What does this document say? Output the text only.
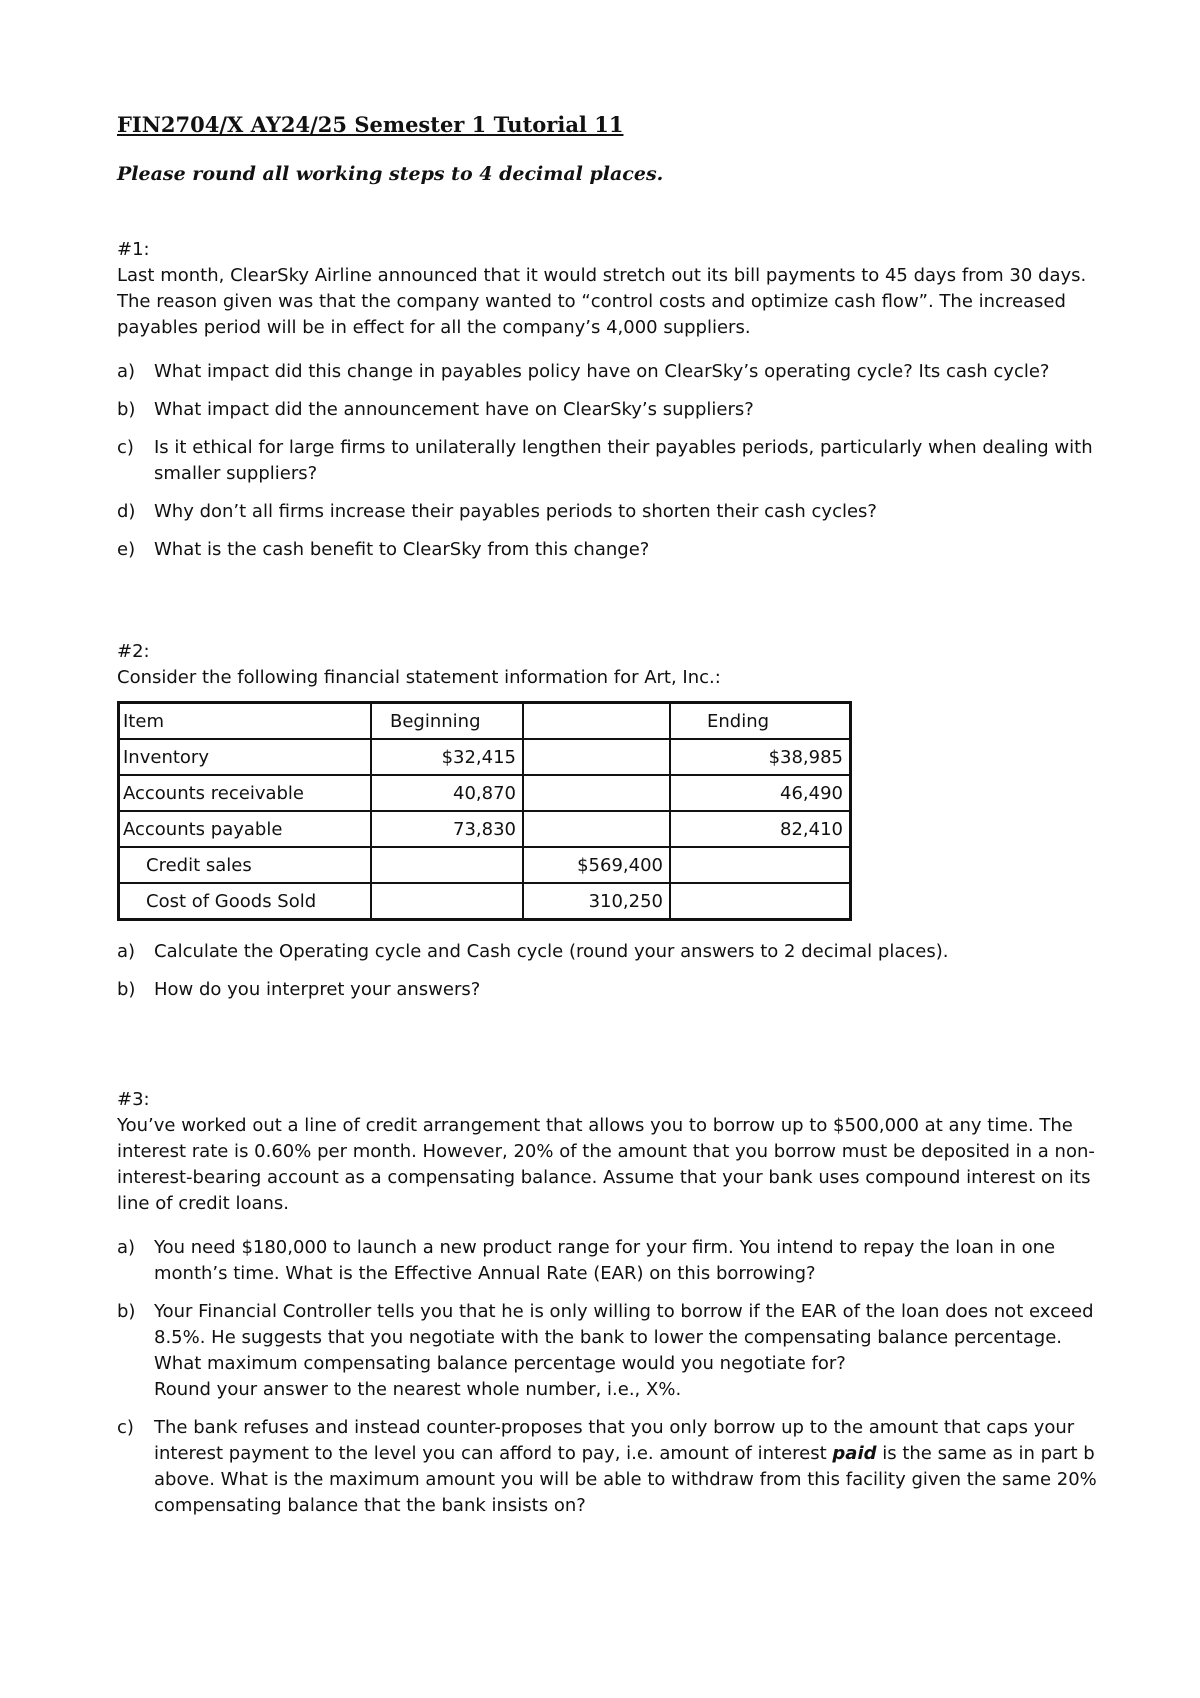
FIN2704/X AY24/25 Semester 1 Tutorial 11
Please round all working steps to 4 decimal places.

#1:

Last month, ClearSky Airline announced that it would stretch out its bill payments to 45 days from 30 days. The reason given was that the company wanted to “control costs and optimize cash flow”. The increased payables period will be in effect for all the company’s 4,000 suppliers.

a) What impact did this change in payables policy have on ClearSky’s operating cycle? Its cash cycle?
b) What impact did the announcement have on ClearSky’s suppliers?
c) Is it ethical for large firms to unilaterally lengthen their payables periods, particularly when dealing with smaller suppliers?
d) Why don’t all firms increase their payables periods to shorten their cash cycles?
e) What is the cash benefit to ClearSky from this change?

#2:

Consider the following financial statement information for Art, Inc.:

Item	Beginning		Ending
Inventory	$32,415		$38,985
Accounts receivable	40,870		46,490
Accounts payable	73,830		82,410
Credit sales		$569,400	
Cost of Goods Sold		310,250	
a) Calculate the Operating cycle and Cash cycle (round your answers to 2 decimal places).
b) How do you interpret your answers?

#3:

You’ve worked out a line of credit arrangement that allows you to borrow up to $500,000 at any time. The interest rate is 0.60% per month. However, 20% of the amount that you borrow must be deposited in a non-interest-bearing account as a compensating balance. Assume that your bank uses compound interest on its line of credit loans.

a) You need $180,000 to launch a new product range for your firm. You intend to repay the loan in one month’s time. What is the Effective Annual Rate (EAR) on this borrowing?
b) Your Financial Controller tells you that he is only willing to borrow if the EAR of the loan does not exceed 8.5%. He suggests that you negotiate with the bank to lower the compensating balance percentage. What maximum compensating balance percentage would you negotiate for?
Round your answer to the nearest whole number, i.e., X%.
c) The bank refuses and instead counter-proposes that you only borrow up to the amount that caps your interest payment to the level you can afford to pay, i.e. amount of interest paid is the same as in part b above. What is the maximum amount you will be able to withdraw from this facility given the same 20% compensating balance that the bank insists on?
